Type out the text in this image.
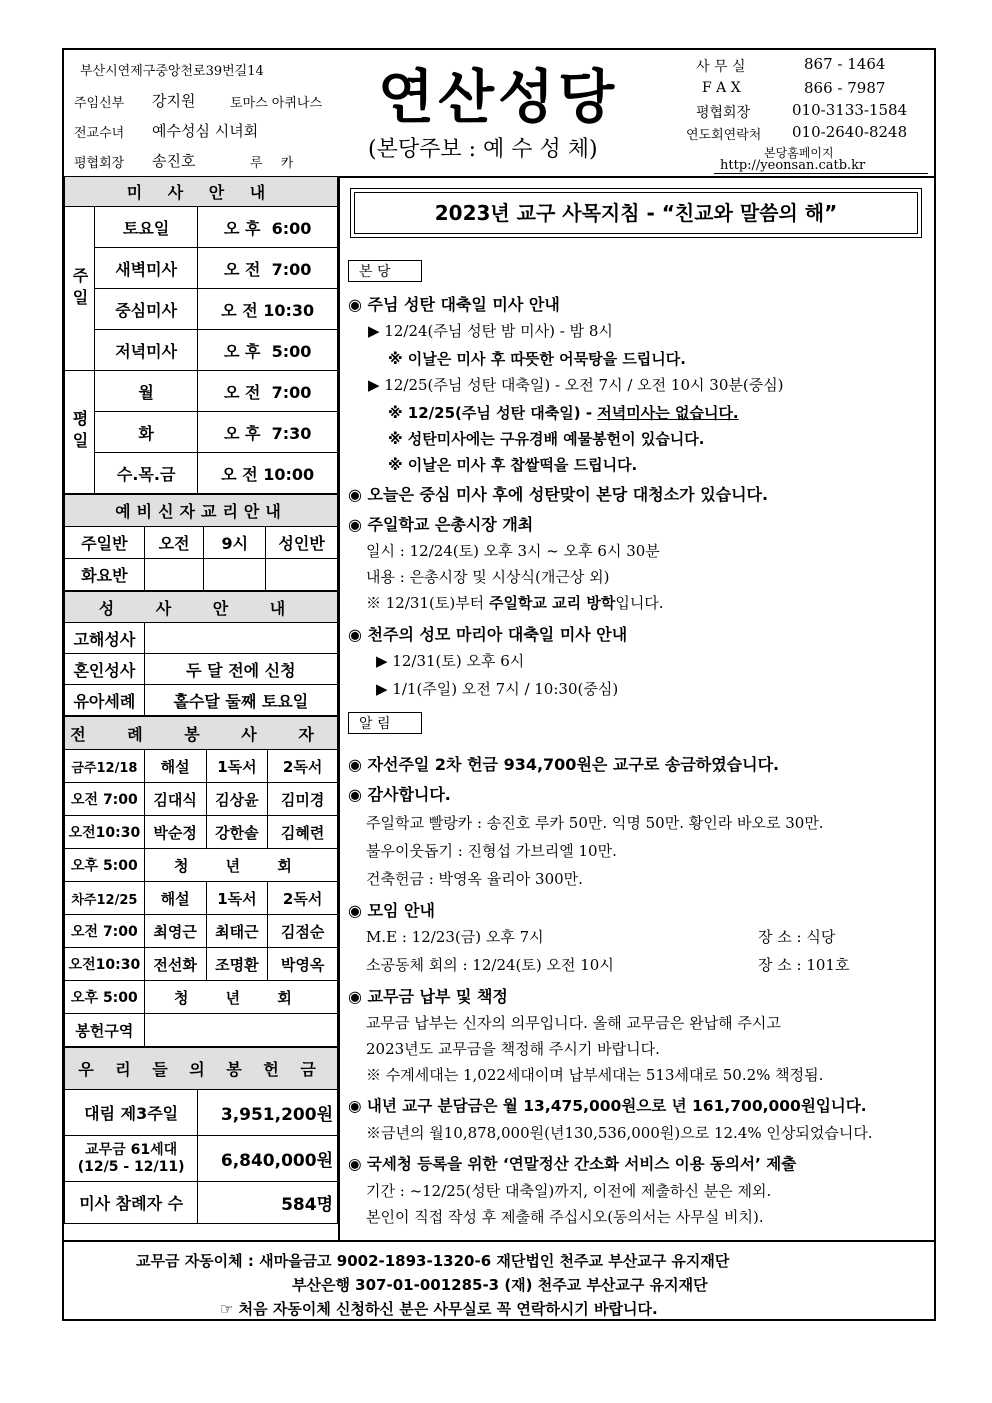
부산시연제구중앙천로39번길14
주임신부 강지원	토마스 아퀴나스
전교수녀 예수성심 시녀회
평협회장 송진호	루 카
연산성당
(본당주보 : 예 수 성 체)
사 무 실	867 - 1464
F A X	866 - 7987
평협회장	010-3133-1584
연도회연락처 010-2640-8248
본당홈페이지
http://yeonsan.catb.kr
미 사 안 내		
주일	토요일	오 후  6:00
	새벽미사	오 전  7:00
	중심미사	오 전 10:30
	저녁미사	오 후  5:00
평일	월	오 전  7:00
	화	오 후  7:30
	수.목.금	오 전 10:00
예비신자교리안내			
주일반	오전	9시	성인반
화요반			
성 사 안 내	
고해성사	
혼인성사	두 달 전에 신청
유아세례	홀수달 둘째 토요일
전 례 봉 사 자			
금주12/18	해설	1독서	2독서
오전 7:00	김대식	김상윤	김미경
오전10:30	박순정	강한솔	김혜련
오후 5:00	청 년 회		
차주12/25	해설	1독서	2독서
오전 7:00	최영근	최태근	김점순
오전10:30	전선화	조명환	박영옥
오후 5:00	청 년 회		
봉헌구역			
우 리 들 의 봉 헌 금	
대림 제3주일	3,951,200원
교무금 61세대
(12/5 - 12/11)	6,840,000원
미사 참례자 수	584명
2023년 교구 사목지침 - “친교와 말씀의 해”
본 당
◉ 주님 성탄 대축일 미사 안내
▶ 12/24(주님 성탄 밤 미사) - 밤 8시
※ 이날은 미사 후 따뜻한 어묵탕을 드립니다.
▶ 12/25(주님 성탄 대축일) - 오전 7시 / 오전 10시 30분(중심)
※ 12/25(주님 성탄 대축일) - 저녁미사는 없습니다.
※ 성탄미사에는 구유경배 예물봉헌이 있습니다.
※ 이날은 미사 후 찹쌀떡을 드립니다.
◉ 오늘은 중심 미사 후에 성탄맞이 본당 대청소가 있습니다.
◉ 주일학교 은총시장 개최
일시 : 12/24(토) 오후 3시 ~ 오후 6시 30분
내용 : 은총시장 및 시상식(개근상 외)
※ 12/31(토)부터 주일학교 교리 방학입니다.
◉ 천주의 성모 마리아 대축일 미사 안내
▶ 12/31(토) 오후 6시
▶ 1/1(주일) 오전 7시 / 10:30(중심)
알 림
◉ 자선주일 2차 헌금 934,700원은 교구로 송금하였습니다.
◉ 감사합니다.
주일학교 빨랑카 : 송진호 루카 50만. 익명 50만. 황인라 바오로 30만.
불우이웃돕기 : 진형섭 가브리엘 10만.
건축헌금 : 박영옥 율리아 300만.
◉ 모임 안내
M.E : 12/23(금) 오후 7시	장 소 : 식당
소공동체 회의 : 12/24(토) 오전 10시	장 소 : 101호
◉ 교무금 납부 및 책정
교무금 납부는 신자의 의무입니다. 올해 교무금은 완납해 주시고
2023년도 교무금을 책정해 주시기 바랍니다.
※ 수계세대는 1,022세대이며 납부세대는 513세대로 50.2% 책정됨.
◉ 내년 교구 분담금은 월 13,475,000원으로 년 161,700,000원입니다.
※금년의 월10,878,000원(년130,536,000원)으로 12.4% 인상되었습니다.
◉ 국세청 등록을 위한 ‘연말정산 간소화 서비스 이용 동의서’ 제출
기간 : ~12/25(성탄 대축일)까지, 이전에 제출하신 분은 제외.
본인이 직접 작성 후 제출해 주십시오(동의서는 사무실 비치).
교무금 자동이체 : 새마을금고 9002-1893-1320-6 재단법인 천주교 부산교구 유지재단
부산은행 307-01-001285-3 (재) 천주교 부산교구 유지재단
☞ 처음 자동이체 신청하신 분은 사무실로 꼭 연락하시기 바랍니다.
